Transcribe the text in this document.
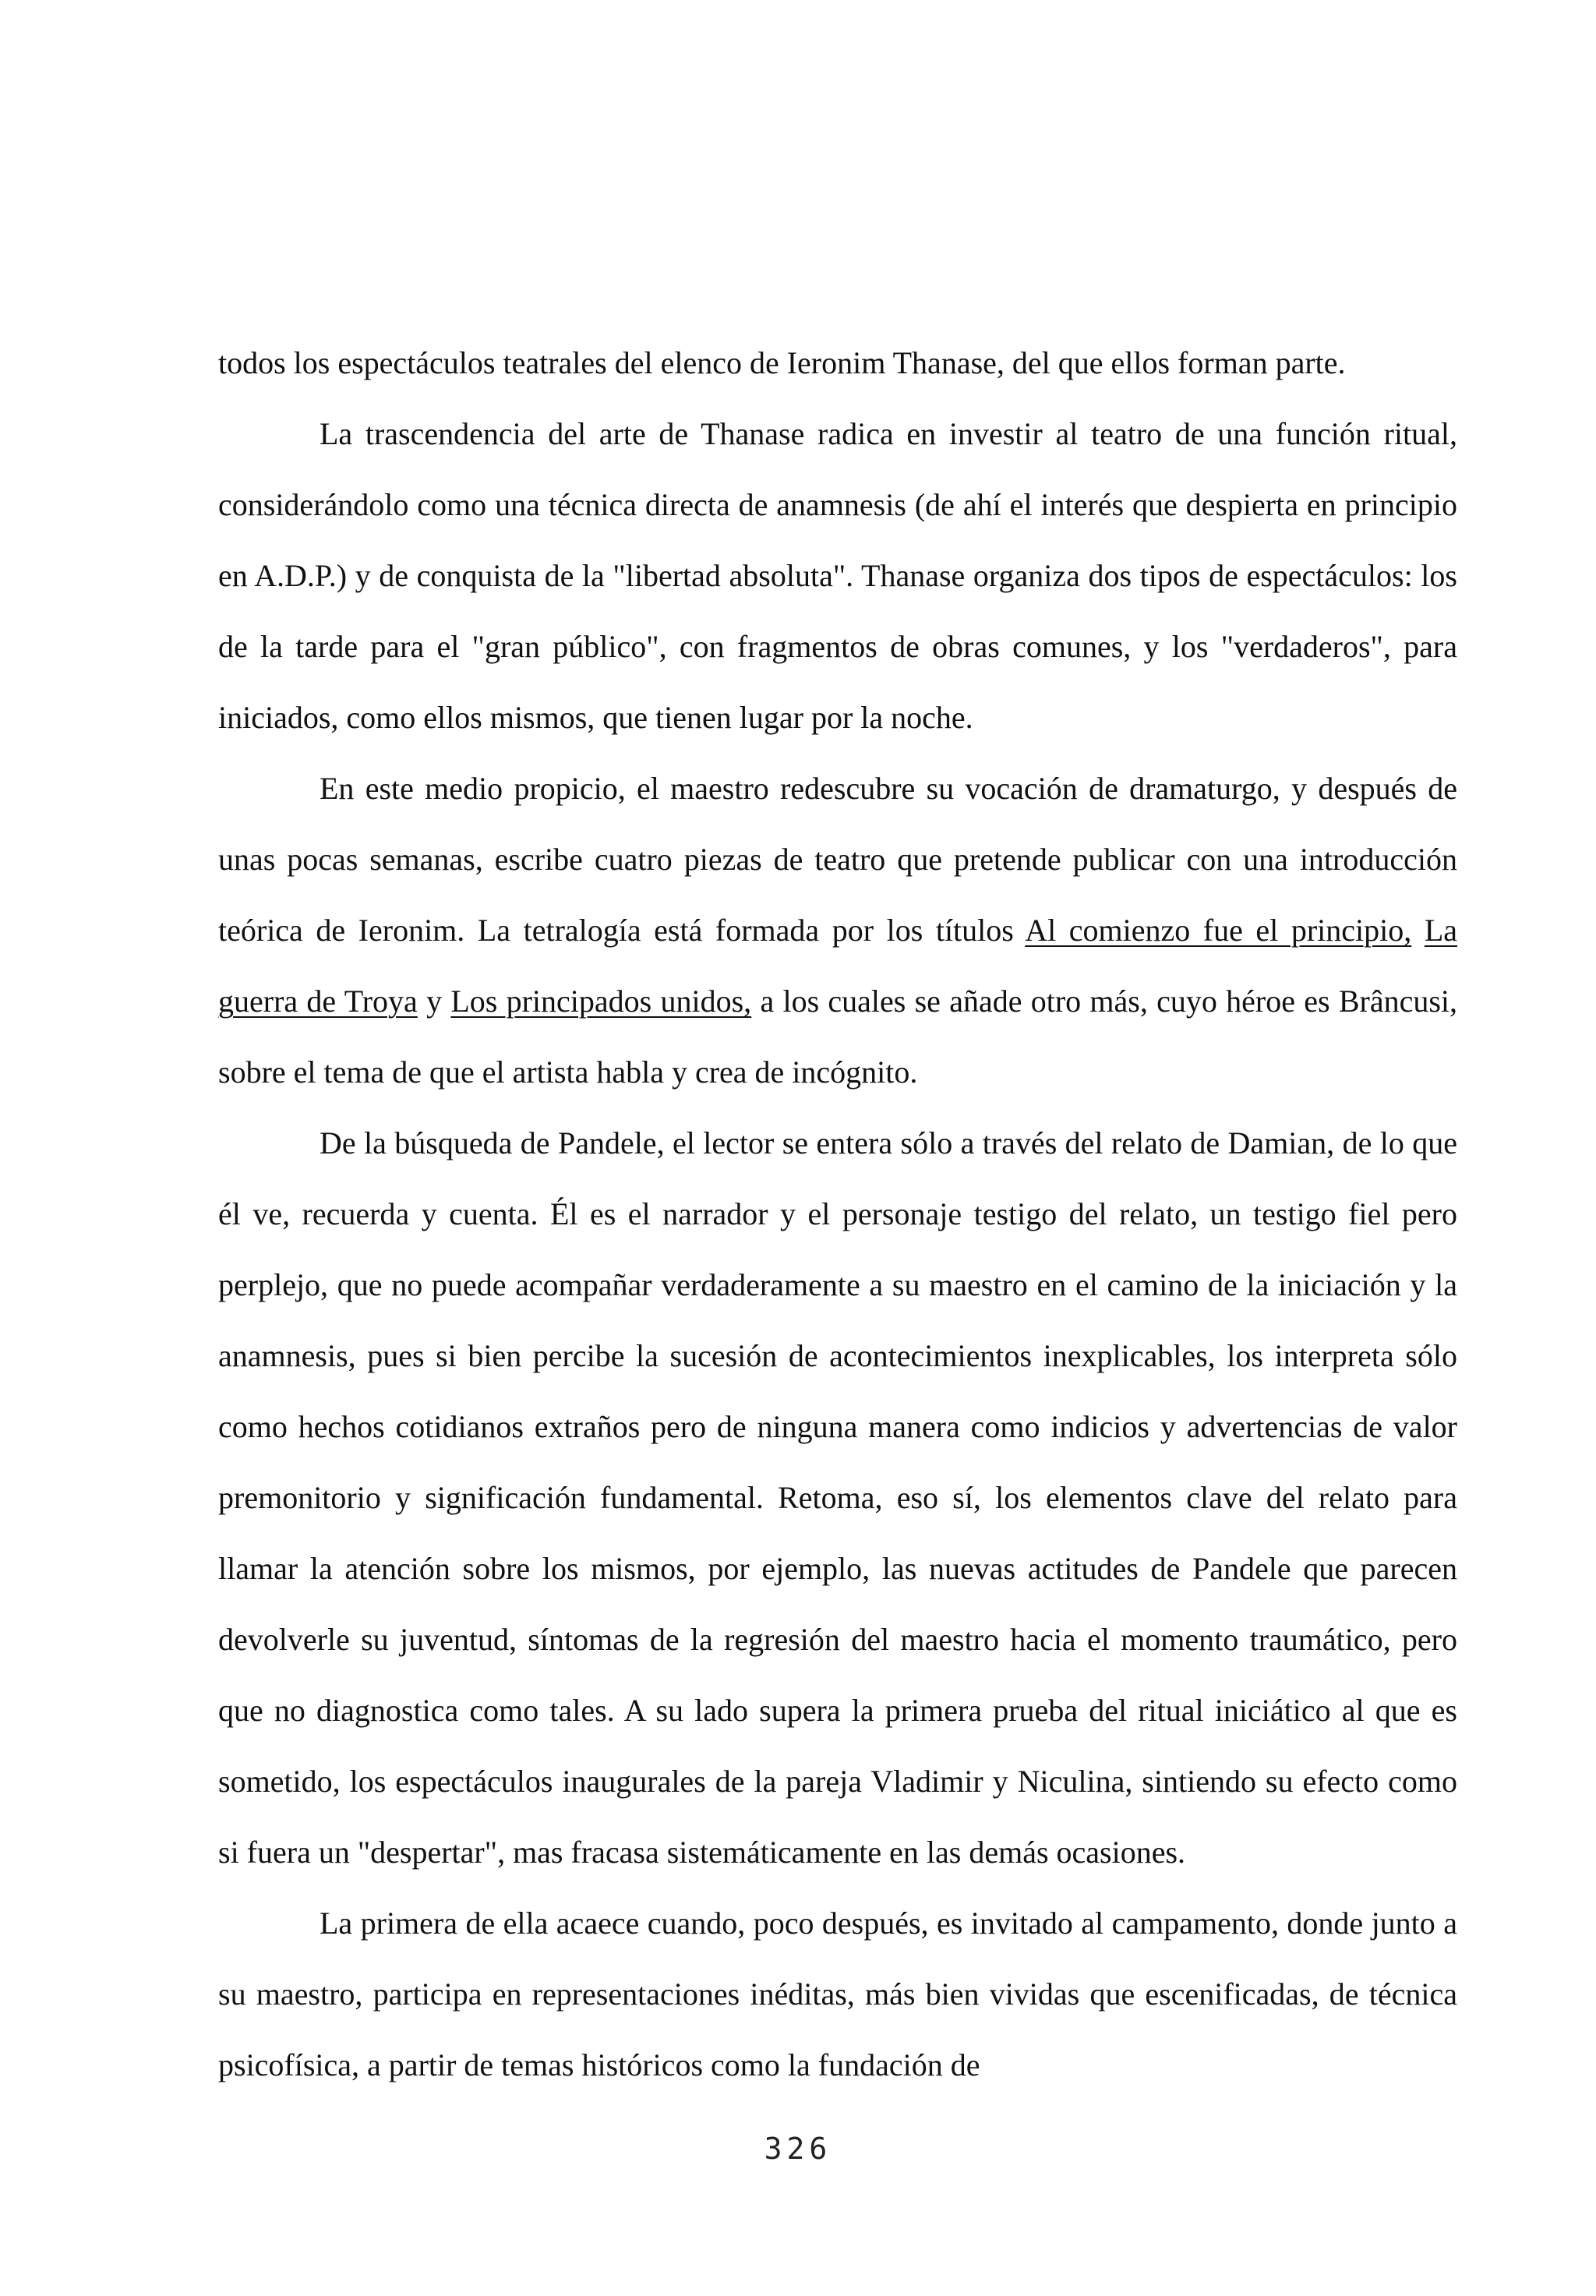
todos los espectáculos teatrales del elenco de Ieronim Thanase, del que ellos forman parte.

La trascendencia del arte de Thanase radica en investir al teatro de una función ritual, considerándolo como una técnica directa de anamnesis (de ahí el interés que despierta en principio en A.D.P.) y de conquista de la "libertad absoluta". Thanase organiza dos tipos de espectáculos: los de la tarde para el "gran público", con fragmentos de obras comunes, y los "verdaderos", para iniciados, como ellos mismos, que tienen lugar por la noche.

En este medio propicio, el maestro redescubre su vocación de dramaturgo, y después de unas pocas semanas, escribe cuatro piezas de teatro que pretende publicar con una introducción teórica de Ieronim. La tetralogía está formada por los títulos Al comienzo fue el principio, La guerra de Troya y Los principados unidos, a los cuales se añade otro más, cuyo héroe es Brâncusi, sobre el tema de que el artista habla y crea de incógnito.

De la búsqueda de Pandele, el lector se entera sólo a través del relato de Damian, de lo que él ve, recuerda y cuenta. Él es el narrador y el personaje testigo del relato, un testigo fiel pero perplejo, que no puede acompañar verdaderamente a su maestro en el camino de la iniciación y la anamnesis, pues si bien percibe la sucesión de acontecimientos inexplicables, los interpreta sólo como hechos cotidianos extraños pero de ninguna manera como indicios y advertencias de valor premonitorio y significación fundamental. Retoma, eso sí, los elementos clave del relato para llamar la atención sobre los mismos, por ejemplo, las nuevas actitudes de Pandele que parecen devolverle su juventud, síntomas de la regresión del maestro hacia el momento traumático, pero que no diagnostica como tales. A su lado supera la primera prueba del ritual iniciático al que es sometido, los espectáculos inaugurales de la pareja Vladimir y Niculina, sintiendo su efecto como si fuera un "despertar", mas fracasa sistemáticamente en las demás ocasiones.

La primera de ella acaece cuando, poco después, es invitado al campamento, donde junto a su maestro, participa en representaciones inéditas, más bien vividas que escenificadas, de técnica psicofísica, a partir de temas históricos como la fundación de

326
